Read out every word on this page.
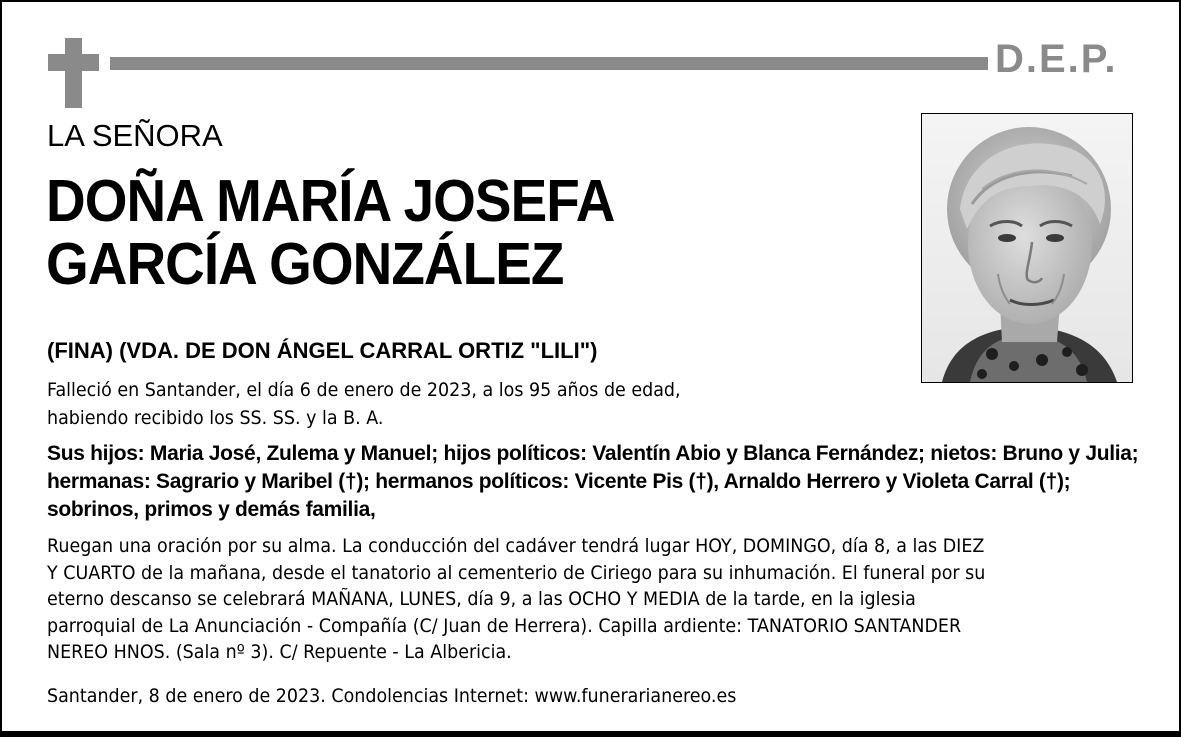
D.E.P.
LA SEÑORA
DOÑA MARÍA JOSEFA
GARCÍA GONZÁLEZ
(FINA) (VDA. DE DON ÁNGEL CARRAL ORTIZ "LILI")
Falleció en Santander, el día 6 de enero de 2023, a los 95 años de edad,
habiendo recibido los SS. SS. y la B. A.
Sus hijos: Maria José, Zulema y Manuel; hijos políticos: Valentín Abio y Blanca Fernández; nietos: Bruno y Julia; hermanas: Sagrario y Maribel (†); hermanos políticos: Vicente Pis (†), Arnaldo Herrero y Violeta Carral (†); sobrinos, primos y demás familia,
Ruegan una oración por su alma. La conducción del cadáver tendrá lugar HOY, DOMINGO, día 8, a las DIEZ
Y CUARTO de la mañana, desde el tanatorio al cementerio de Ciriego para su inhumación. El funeral por su
eterno descanso se celebrará MAÑANA, LUNES, día 9, a las OCHO Y MEDIA de la tarde, en la iglesia
parroquial de La Anunciación - Compañía (C/ Juan de Herrera). Capilla ardiente: TANATORIO SANTANDER
NEREO HNOS. (Sala nº 3). C/ Repuente - La Albericia.
Santander, 8 de enero de 2023. Condolencias Internet: www.funerarianereo.es
